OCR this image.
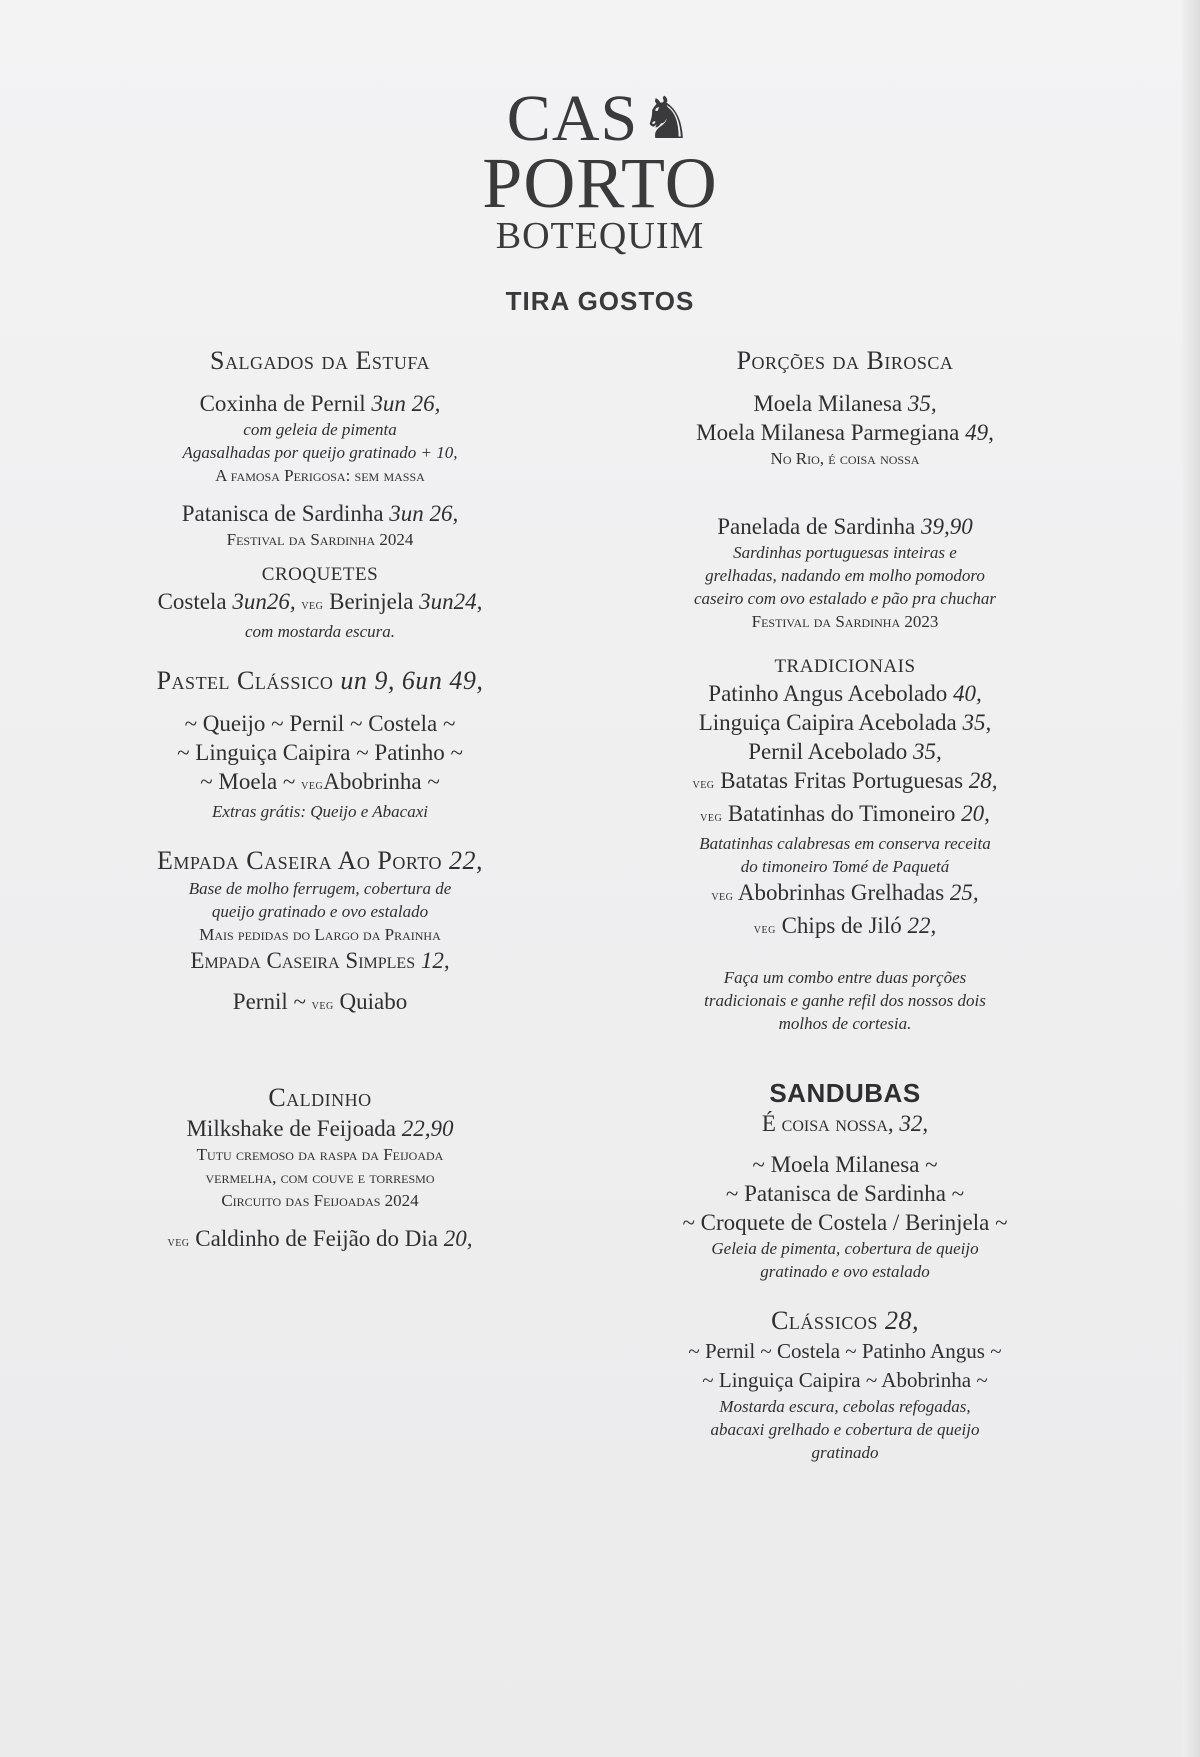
CAS♞
PORTO
BOTEQUIM
TIRA GOSTOS
Salgados da Estufa
Coxinha de Pernil 3un 26,
com geleia de pimenta
Agasalhadas por queijo gratinado + 10,
A famosa Perigosa: sem massa
Patanisca de Sardinha 3un 26,
Festival da Sardinha 2024
CROQUETES
Costela 3un26, veg Berinjela 3un24,
com mostarda escura.
Pastel Clássico un 9, 6un 49,
~ Queijo ~ Pernil ~ Costela ~
~ Linguiça Caipira ~ Patinho ~
~ Moela ~ vegAbobrinha ~
Extras grátis: Queijo e Abacaxi
Empada Caseira Ao Porto 22,
Base de molho ferrugem, cobertura de
queijo gratinado e ovo estalado
Mais pedidas do Largo da Prainha
Empada Caseira Simples 12,
Pernil ~ veg Quiabo
Caldinho
Milkshake de Feijoada 22,90
Tutu cremoso da raspa da Feijoada
vermelha, com couve e torresmo
Circuito das Feijoadas 2024
veg Caldinho de Feijão do Dia 20,
Porções da Birosca
Moela Milanesa 35,
Moela Milanesa Parmegiana 49,
No Rio, é coisa nossa
Panelada de Sardinha 39,90
Sardinhas portuguesas inteiras e
grelhadas, nadando em molho pomodoro
caseiro com ovo estalado e pão pra chuchar
Festival da Sardinha 2023
TRADICIONAIS
Patinho Angus Acebolado 40,
Linguiça Caipira Acebolada 35,
Pernil Acebolado 35,
veg Batatas Fritas Portuguesas 28,
veg Batatinhas do Timoneiro 20,
Batatinhas calabresas em conserva receita
do timoneiro Tomé de Paquetá
veg Abobrinhas Grelhadas 25,
veg Chips de Jiló 22,
Faça um combo entre duas porções
tradicionais e ganhe refil dos nossos dois
molhos de cortesia.
SANDUBAS
É coisa nossa, 32,
~ Moela Milanesa ~
~ Patanisca de Sardinha ~
~ Croquete de Costela / Berinjela ~
Geleia de pimenta, cobertura de queijo
gratinado e ovo estalado
Clássicos 28,
~ Pernil ~ Costela ~ Patinho Angus ~
~ Linguiça Caipira ~ Abobrinha ~
Mostarda escura, cebolas refogadas,
abacaxi grelhado e cobertura de queijo
gratinado
